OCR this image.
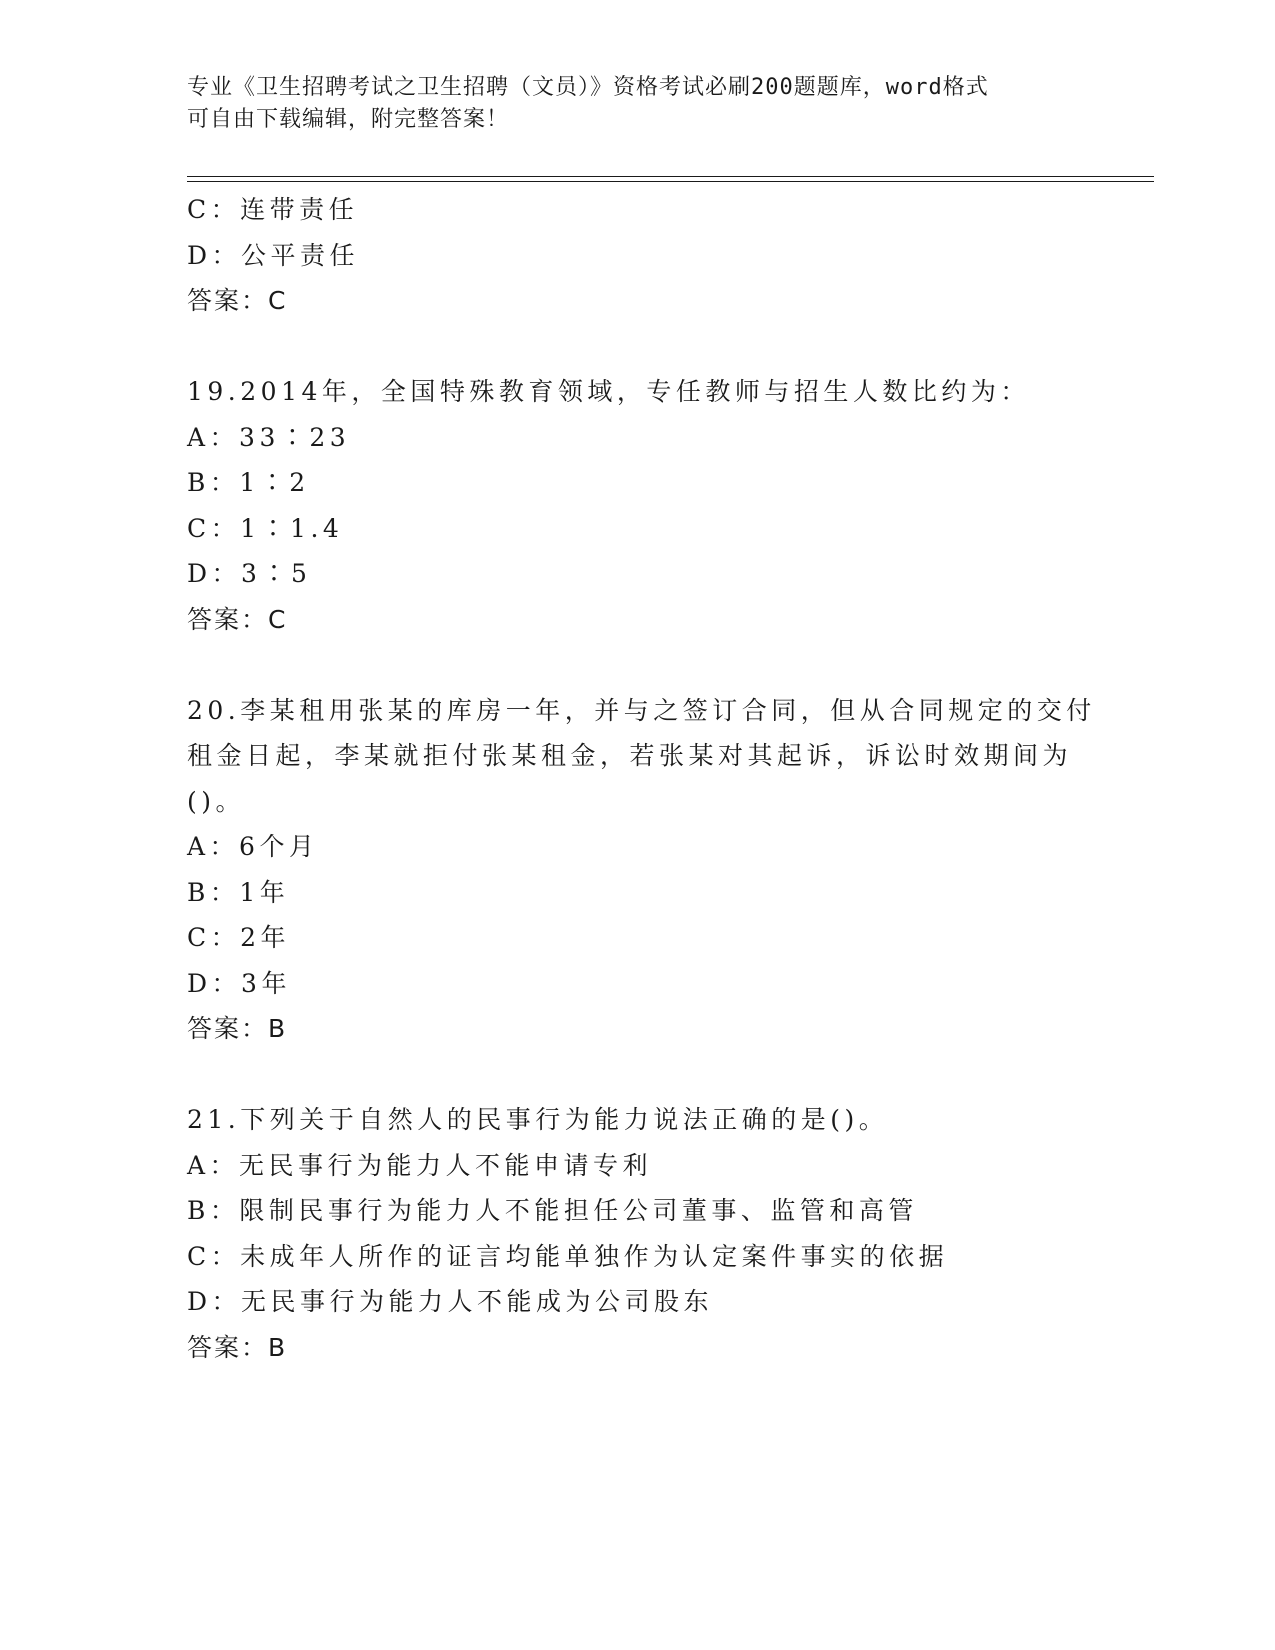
专业《卫生招聘考试之卫生招聘（文员）》资格考试必刷200题题库，word格式
可自由下载编辑，附完整答案！
C：连带责任
D：公平责任
答案：C
19.2014年，全国特殊教育领域，专任教师与招生人数比约为：
A：33∶23
B：1∶2
C：1∶1.4
D：3∶5
答案：C
20.李某租用张某的库房一年，并与之签订合同，但从合同规定的交付
租金日起，李某就拒付张某租金，若张某对其起诉，诉讼时效期间为
()。
A：6个月
B：1年
C：2年
D：3年
答案：B
21.下列关于自然人的民事行为能力说法正确的是()。
A：无民事行为能力人不能申请专利
B：限制民事行为能力人不能担任公司董事、监管和高管
C：未成年人所作的证言均能单独作为认定案件事实的依据
D：无民事行为能力人不能成为公司股东
答案：B
